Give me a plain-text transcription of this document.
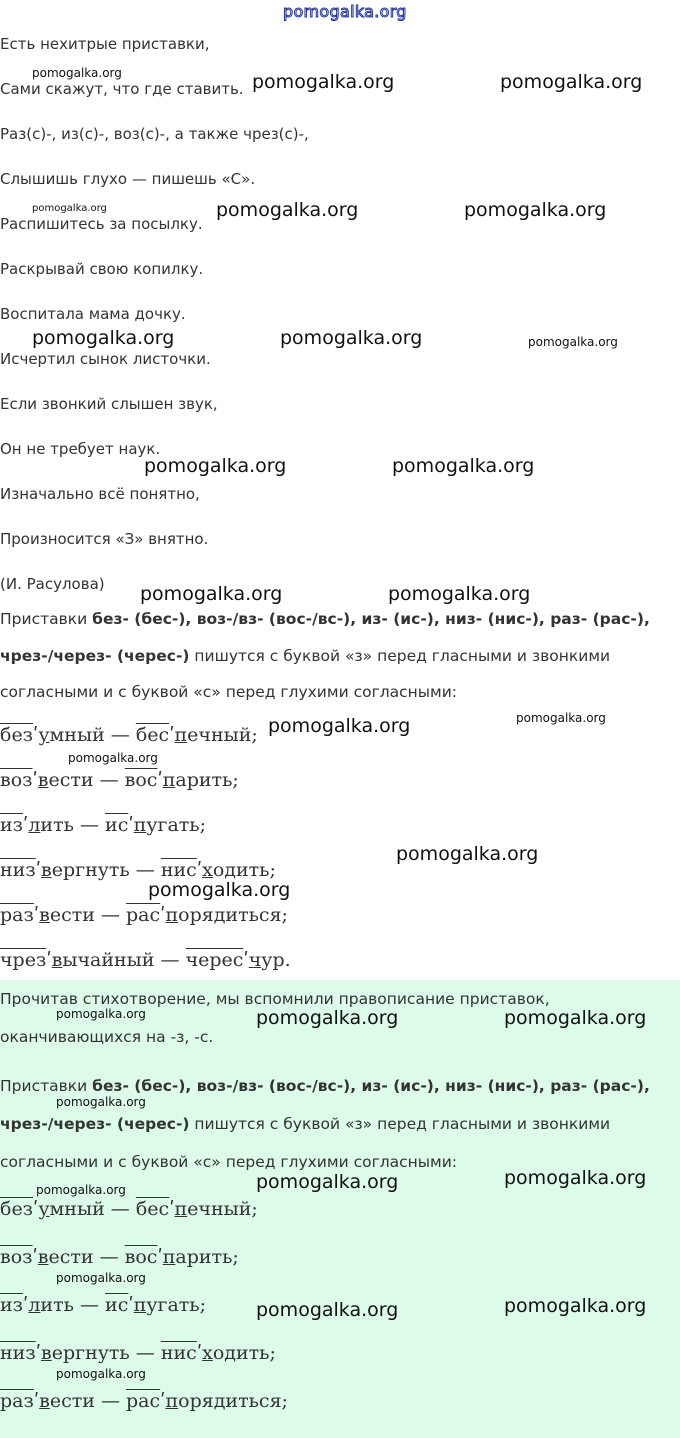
pomogalka.org
Есть нехитрые приставки,
Сами скажут, что где ставить.
Раз(с)-, из(с)-, воз(с)-, а также чрез(с)-,
Слышишь глухо — пишешь «С».
Распишитесь за посылку.
Раскрывай свою копилку.
Воспитала мама дочку.
Исчертил сынок листочки.
Если звонкий слышен звук,
Он не требует наук.
Изначально всё понятно,
Произносится «З» внятно.
(И. Расулова)
Приставки без- (бес-), воз-/вз- (вос-/вс-), из- (ис-), низ- (нис-), раз- (рас-),
чрез-/через- (черес-) пишутся с буквой «з» перед гласными и звонкими
согласными и с буквой «с» перед глухими согласными:
безʹумный — бесʹпечный;
возʹвести — восʹпарить;
изʹлить — исʹпугать;
низʹвергнуть — нисʹходить;
разʹвести — расʹпорядиться;
чрезʹвычайный — чересʹчур.
Прочитав стихотворение, мы вспомнили правописание приставок,
оканчивающихся на -з, -с.
Приставки без- (бес-), воз-/вз- (вос-/вс-), из- (ис-), низ- (нис-), раз- (рас-),
чрез-/через- (черес-) пишутся с буквой «з» перед гласными и звонкими
согласными и с буквой «с» перед глухими согласными:
безʹумный — бесʹпечный;
возʹвести — восʹпарить;
изʹлить — исʹпугать;
низʹвергнуть — нисʹходить;
разʹвести — расʹпорядиться;
pomogalka.org	pomogalka.org	pomogalka.org
pomogalka.org	pomogalka.org	pomogalka.org
pomogalka.org	pomogalka.org	pomogalka.org
pomogalka.org	pomogalka.org
pomogalka.org	pomogalka.org
pomogalka.org	pomogalka.org
pomogalka.org
pomogalka.org
pomogalka.org
pomogalka.org	pomogalka.org	pomogalka.org
pomogalka.org
pomogalka.org	pomogalka.org	pomogalka.org
pomogalka.org
pomogalka.org	pomogalka.org
pomogalka.org
